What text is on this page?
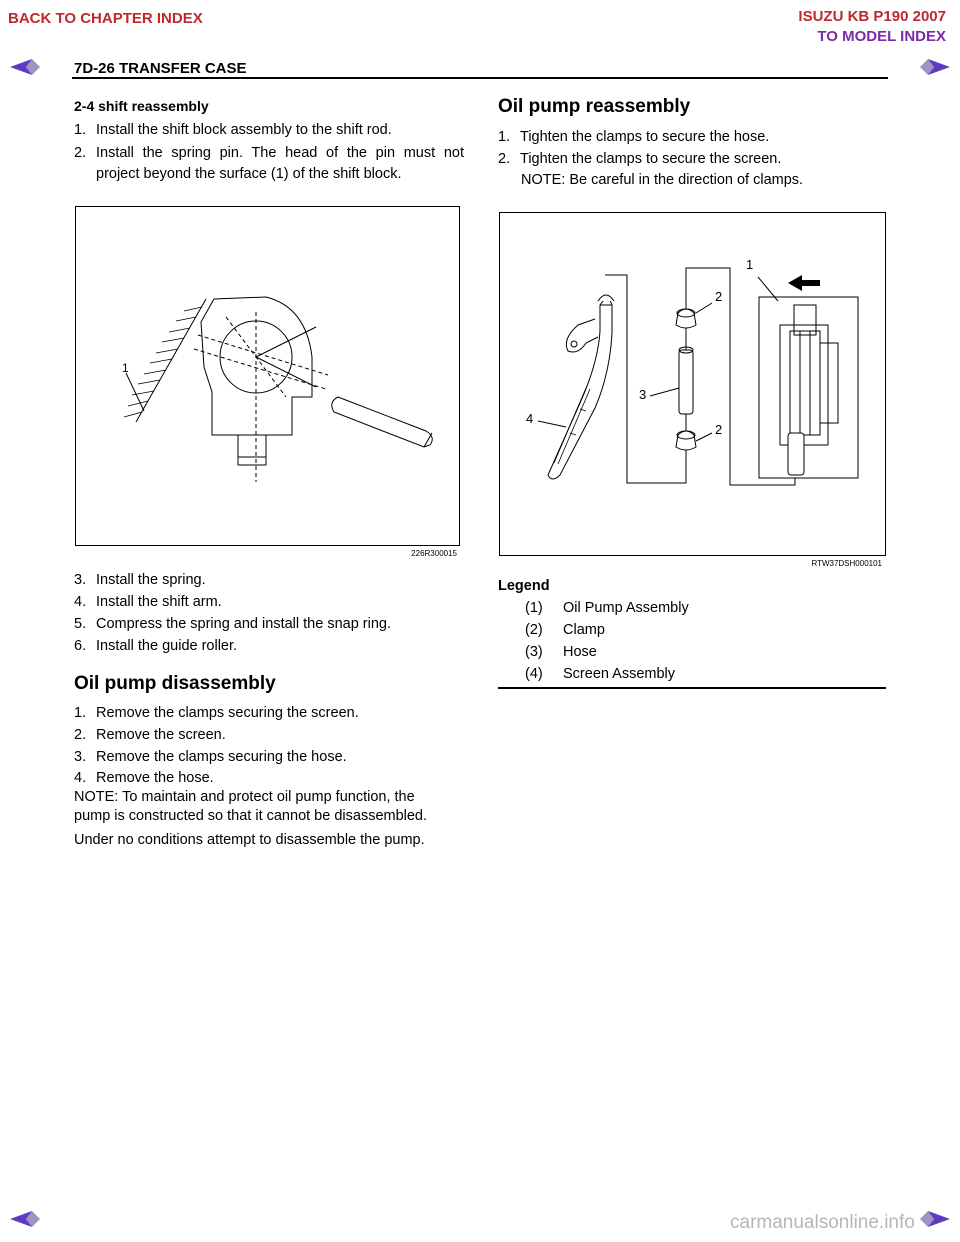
BACK TO CHAPTER INDEX	ISUZU KB P190 2007
TO MODEL INDEX
7D-26 TRANSFER CASE
2-4 shift reassembly
1. Install the shift block assembly to the shift rod.
2. Install the spring pin. The head of the pin must not project beyond the surface (1) of the shift block.
1
226R300015
3. Install the spring.
4. Install the shift arm.
5. Compress the spring and install the snap ring.
6. Install the guide roller.
Oil pump disassembly
1. Remove the clamps securing the screen.
2. Remove the screen.
3. Remove the clamps securing the hose.
4. Remove the hose.
NOTE: To maintain and protect oil pump function, the
pump is constructed so that it cannot be disassembled.
Under no conditions attempt to disassemble the pump.
Oil pump reassembly
1. Tighten the clamps to secure the hose.
2. Tighten the clamps to secure the screen.
NOTE: Be careful in the direction of clamps.
1
2
3
4
2
RTW37DSH000101
Legend
(1)	Oil Pump Assembly
(2)	Clamp
(3)	Hose
(4)	Screen Assembly
carmanualsonline.info
